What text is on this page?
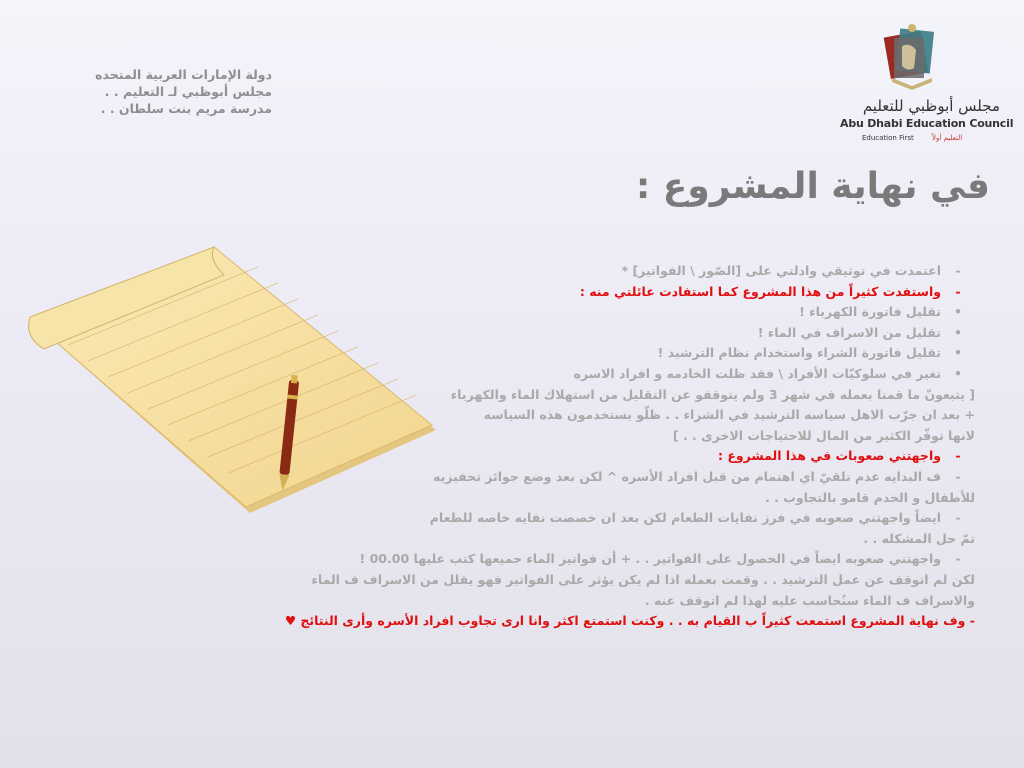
دولة الإمارات العربية المتحده
مجلس أبوظبي لـ التعليم . .
مدرسة مريم بنت سلطان . .	مجلس أبوظبي للتعليم
Abu Dhabi Education Council
Education First	التعليم أولاً
في نهاية المشروع :
-اعتمدت في توثيقي وادلتي على [الصّور \ الفواتير] *
-واستفدت كثيراً من هذا المشروع كما استفادت عائلتي منه :
•تقليل فاتورة الكهرباء !
•تقليل من الاسراف في الماء !
•تقليل فاتورة الشراء واستخدام نظام الترشيد !
•تغير في سلوكيّات الأفراد \ فقد ظلت الخادمه و افراد الاسره
[ يتبعونّ ما قمنا بعمله في شهر 3 ولم يتوقفو عن التقليل من استهلاك الماء والكهرباء
+ بعد ان جرّب الاهل سياسه الترشيد في الشراء . . ظلّو يستخدمون هذه السياسه
لانها توفّر الكثير من المال للاحتياجات الاخرى . . ]
-واجهتني صعوبات في هذا المشروع :
-ف البدايه عدم تلقيّ اي اهتمام من قبل افراد الأسره ^ لكن بعد وضع جوائز تحفيزيه
للأطفال و الخدم قامو بالتجاوب . .
-ايضاً واجهتني صعوبه في فرز نفايات الطعام لكن بعد ان خصصت نفايه خاصه للطعام
تمّ حل المشكله . .
-واجهتني صعوبه ايضاً في الحصول على الفواتير . . + أن فواتير الماء جميعها كتب عليها 00.00 !
لكن لم اتوقف عن عمل الترشيد . . وقمت بعمله اذا لم يكن يؤثر على الفواتير فهو يقلل من الاسراف ف الماء
والاسراف ف الماء سنُحاسب عليه لهذا لم اتوقف عنه .
- وف نهاية المشروع استمعت كثيراً ب القيام به . . وكنت استمتع اكثر وانا ارى تجاوب افراد الأسره وأرى النتائج ♥
